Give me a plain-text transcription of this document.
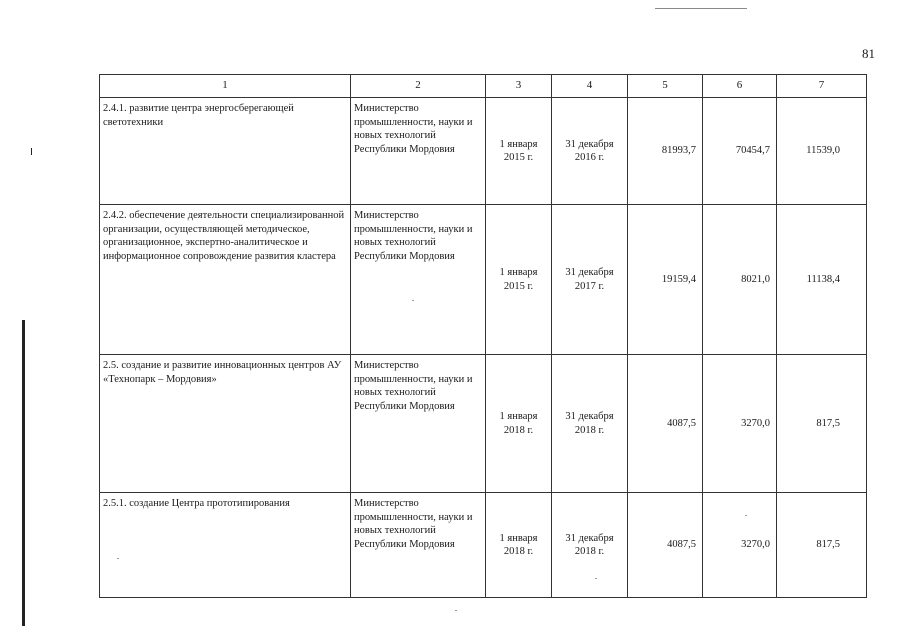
81
1	2	3	4	5	6	7
2.4.1. развитие центра энергосберегающей светотехники	Министерство промышленности, науки и новых технологий Республики Мордовия	1 января 2015 г.	31 декабря 2016 г.	81993,7	70454,7	11539,0
2.4.2. обеспечение деятельности специализированной организации, осуществляющей методическое, организационное, экспертно-аналитическое и информационное сопровождение развития кластера	Министерство промышленности, науки и новых технологий Республики Мордовия	1 января 2015 г.	31 декабря 2017 г.	19159,4	8021,0	11138,4
2.5. создание и развитие инновационных центров АУ «Технопарк – Мордовия»	Министерство промышленности, науки и новых технологий Республики Мордовия	1 января 2018 г.	31 декабря 2018 г.	4087,5	3270,0	817,5
2.5.1. создание Центра прототипирования	Министерство промышленности, науки и новых технологий Республики Мордовия	1 января 2018 г.	31 декабря 2018 г.	4087,5	3270,0	817,5
